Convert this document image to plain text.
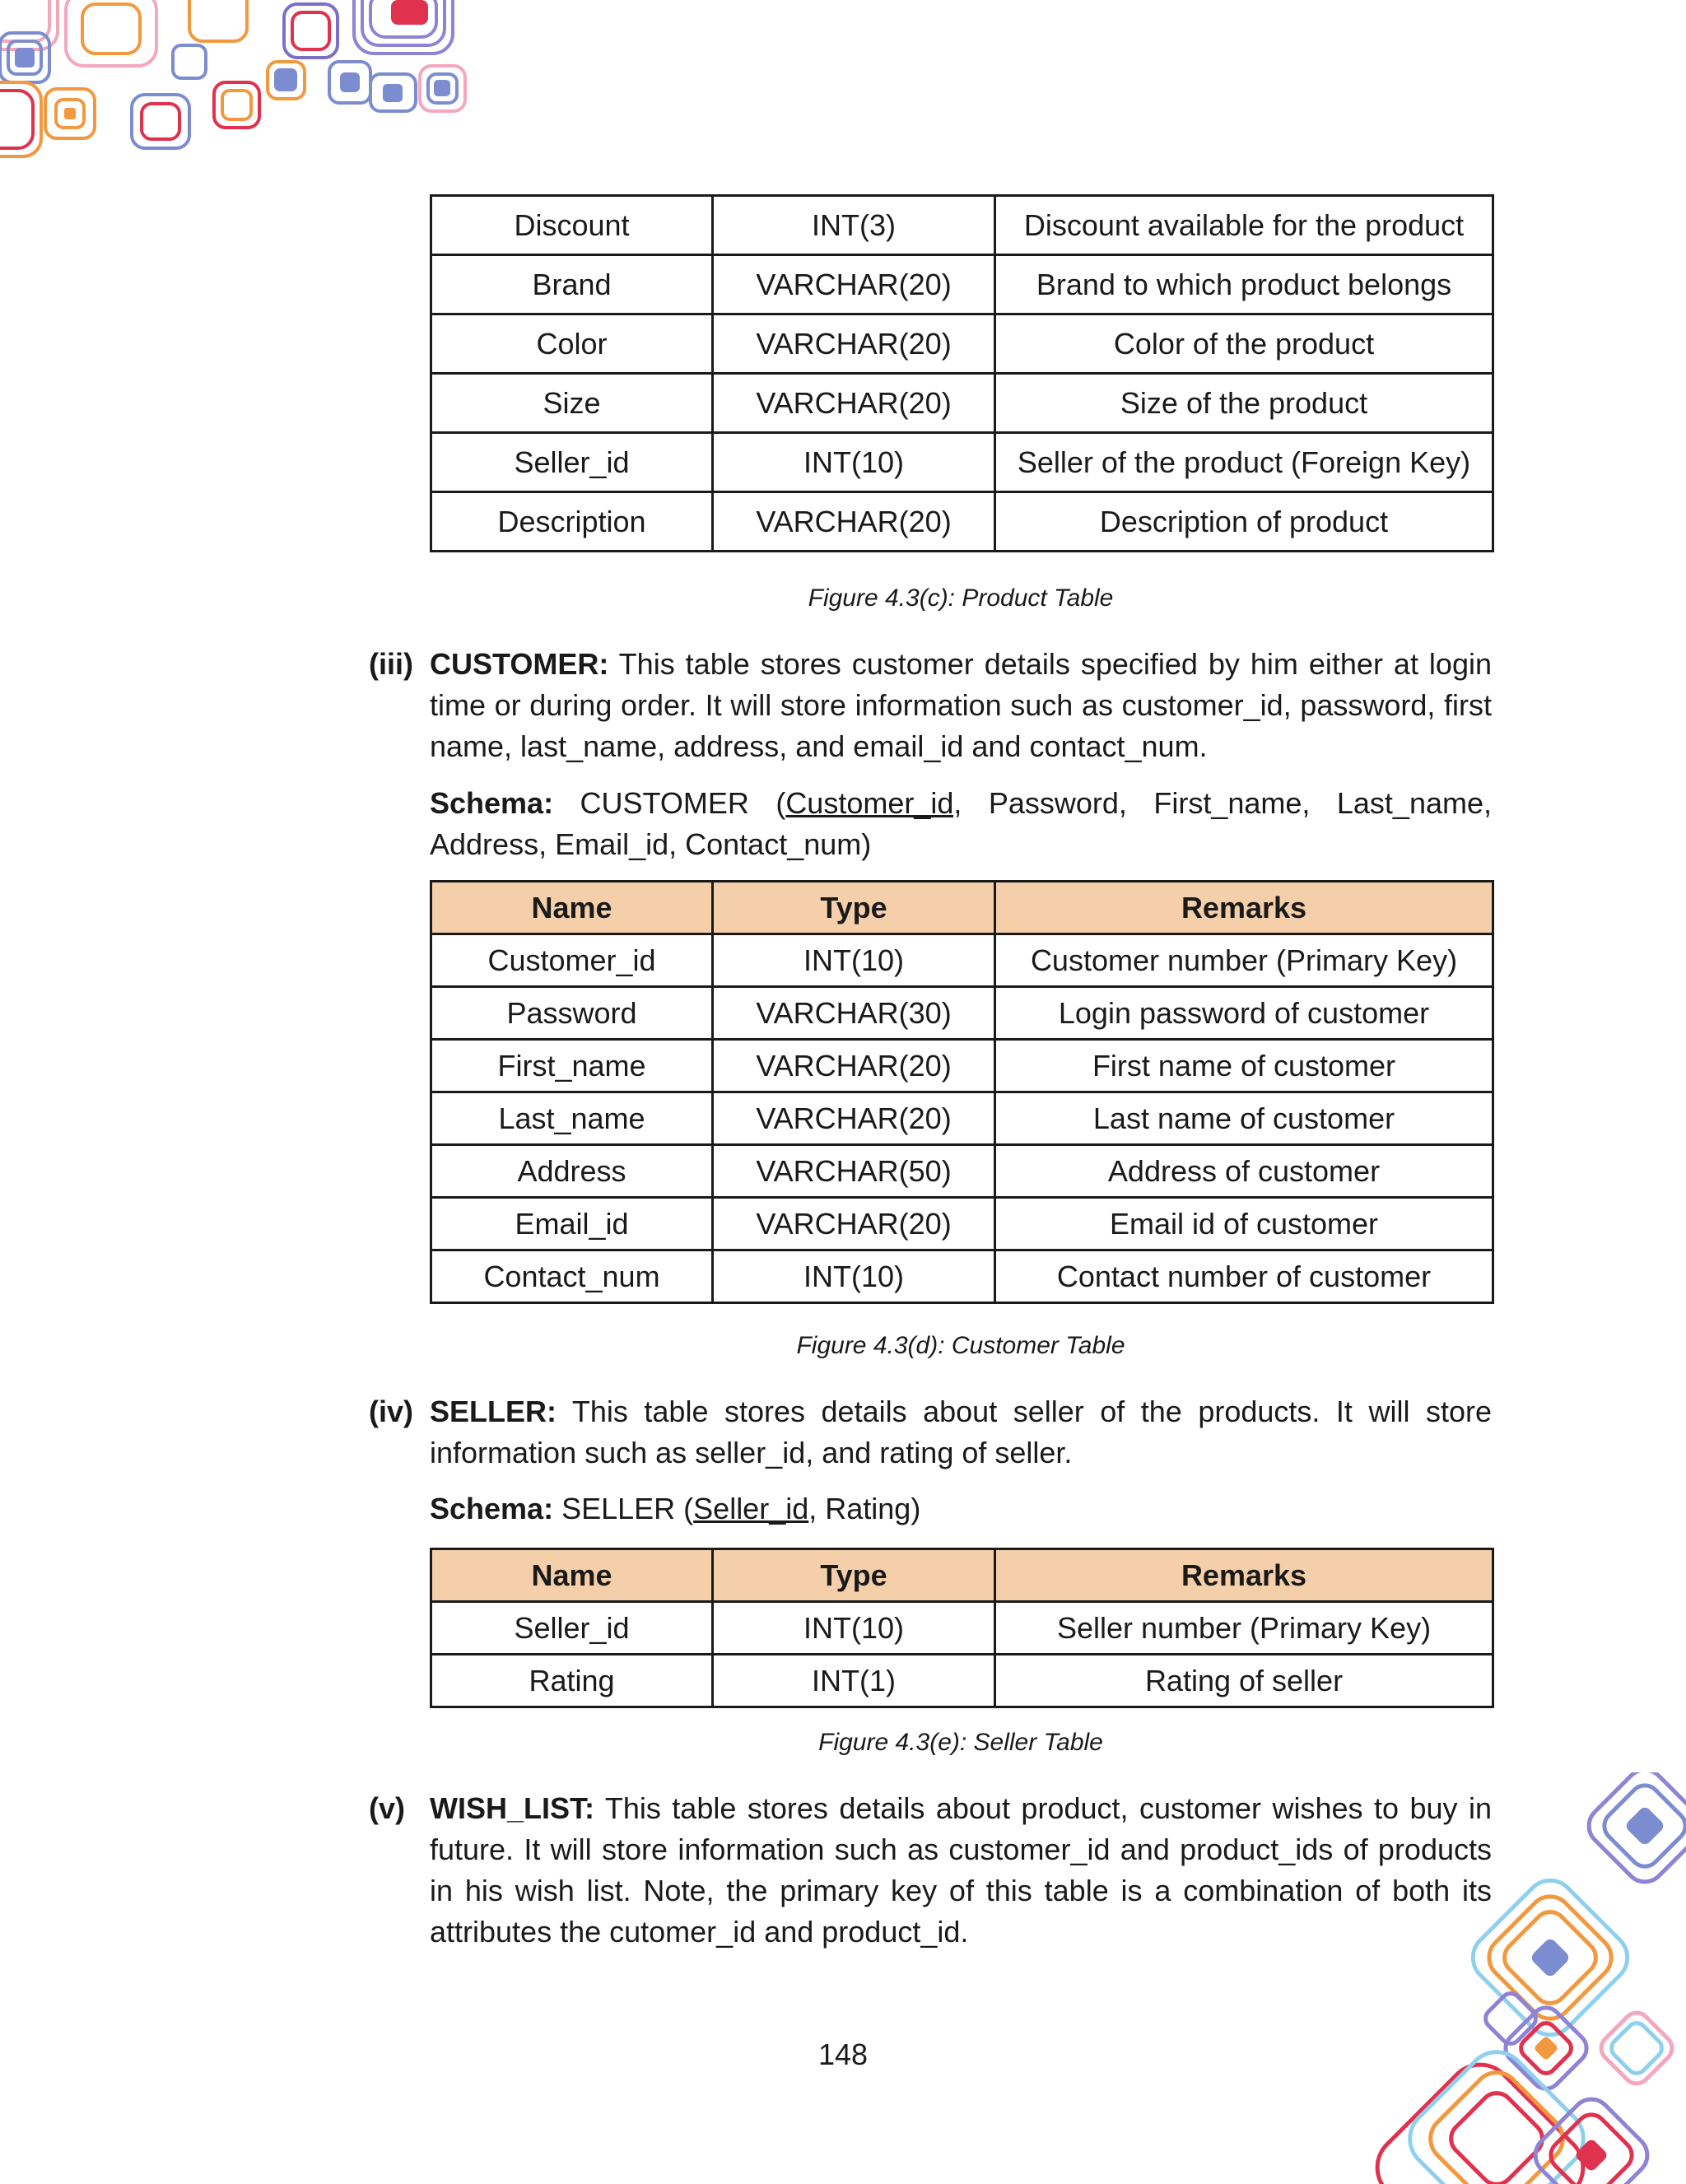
Discount	INT(3)	Discount available for the product
Brand	VARCHAR(20)	Brand to which product belongs
Color	VARCHAR(20)	Color of the product
Size	VARCHAR(20)	Size of the product
Seller_id	INT(10)	Seller of the product (Foreign Key)
Description	VARCHAR(20)	Description of product
Figure 4.3(c): Product Table
(iii) CUSTOMER: This table stores customer details specified by him either at login time or during order. It will store information such as customer_id, password, first name, last_name, address, and email_id and contact_num.
Schema: CUSTOMER (Customer_id, Password, First_name, Last_name, Address, Email_id, Contact_num)
Name	Type	Remarks
Customer_id	INT(10)	Customer number (Primary Key)
Password	VARCHAR(30)	Login password of customer
First_name	VARCHAR(20)	First name of customer
Last_name	VARCHAR(20)	Last name of customer
Address	VARCHAR(50)	Address of customer
Email_id	VARCHAR(20)	Email id of customer
Contact_num	INT(10)	Contact number of customer
Figure 4.3(d): Customer Table
(iv) SELLER: This table stores details about seller of the products. It will store information such as seller_id, and rating of seller.
Schema: SELLER (Seller_id, Rating)
Name	Type	Remarks
Seller_id	INT(10)	Seller number (Primary Key)
Rating	INT(1)	Rating of seller
Figure 4.3(e): Seller Table
(v) WISH_LIST: This table stores details about product, customer wishes to buy in future. It will store information such as customer_id and product_ids of products in his wish list. Note, the primary key of this table is a combination of both its attributes the cutomer_id and product_id.
148
